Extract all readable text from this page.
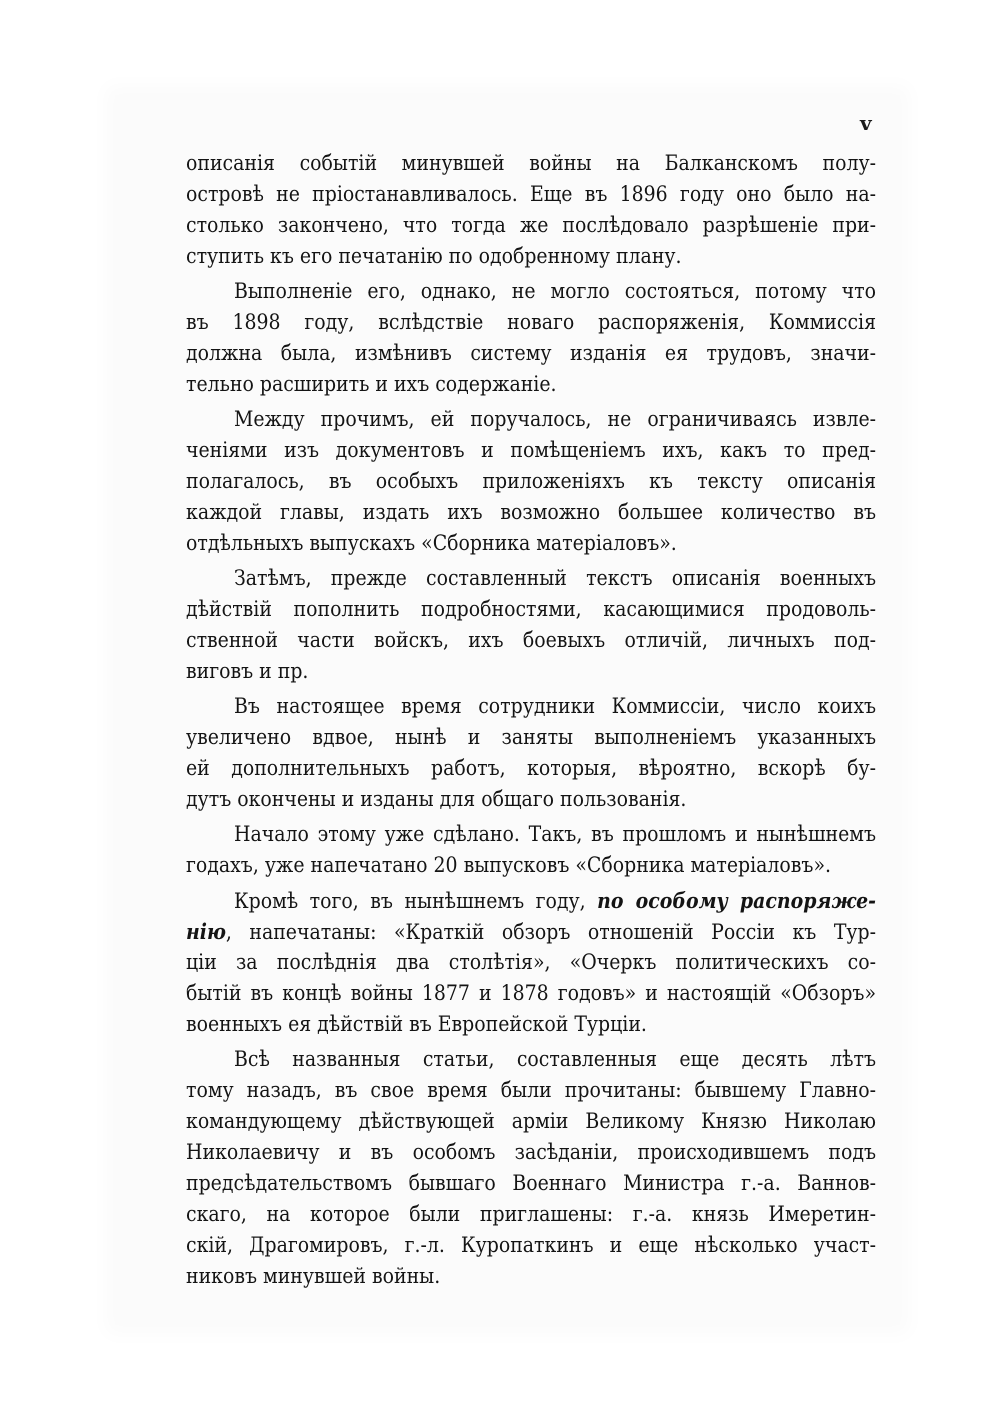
v
описанія событій минувшей войны на Балканскомъ полу-
островѣ не пріостанавливалось. Еще въ 1896 году оно было на-
столько закончено, что тогда же послѣдовало разрѣшеніе при-
ступить къ его печатанію по одобренному плану.
Выполненіе его, однако, не могло состояться, потому что
въ 1898 году, вслѣдствіе новаго распоряженія, Коммиссія
должна была, измѣнивъ систему изданія ея трудовъ, значи-
тельно расширить и ихъ содержаніе.
Между прочимъ, ей поручалось, не ограничиваясь извле-
ченіями изъ документовъ и помѣщеніемъ ихъ, какъ то пред-
полагалось, въ особыхъ приложеніяхъ къ тексту описанія
каждой главы, издать ихъ возможно большее количество въ
отдѣльныхъ выпускахъ «Сборника матеріаловъ».
Затѣмъ, прежде составленный текстъ описанія военныхъ
дѣйствій пополнить подробностями, касающимися продоволь-
ственной части войскъ, ихъ боевыхъ отличій, личныхъ под-
виговъ и пр.
Въ настоящее время сотрудники Коммиссіи, число коихъ
увеличено вдвое, нынѣ и заняты выполненіемъ указанныхъ
ей дополнительныхъ работъ, которыя, вѣроятно, вскорѣ бу-
дутъ окончены и изданы для общаго пользованія.
Начало этому уже сдѣлано. Такъ, въ прошломъ и нынѣшнемъ
годахъ, уже напечатано 20 выпусковъ «Сборника матеріаловъ».
Кромѣ того, въ нынѣшнемъ году, по особому распоряже-
нію, напечатаны: «Краткій обзоръ отношеній Россіи къ Тур-
ціи за послѣднія два столѣтія», «Очеркъ политическихъ со-
бытій въ концѣ войны 1877 и 1878 годовъ» и настоящій «Обзоръ»
военныхъ ея дѣйствій въ Европейской Турціи.
Всѣ названныя статьи, составленныя еще десять лѣтъ
тому назадъ, въ свое время были прочитаны: бывшему Главно-
командующему дѣйствующей арміи Великому Князю Николаю
Николаевичу и въ особомъ засѣданіи, происходившемъ подъ
предсѣдательствомъ бывшаго Военнаго Министра г.-а. Ваннов-
скаго, на которое были приглашены: г.-а. князь Имеретин-
скій, Драгомировъ, г.-л. Куропаткинъ и еще нѣсколько участ-
никовъ минувшей войны.
